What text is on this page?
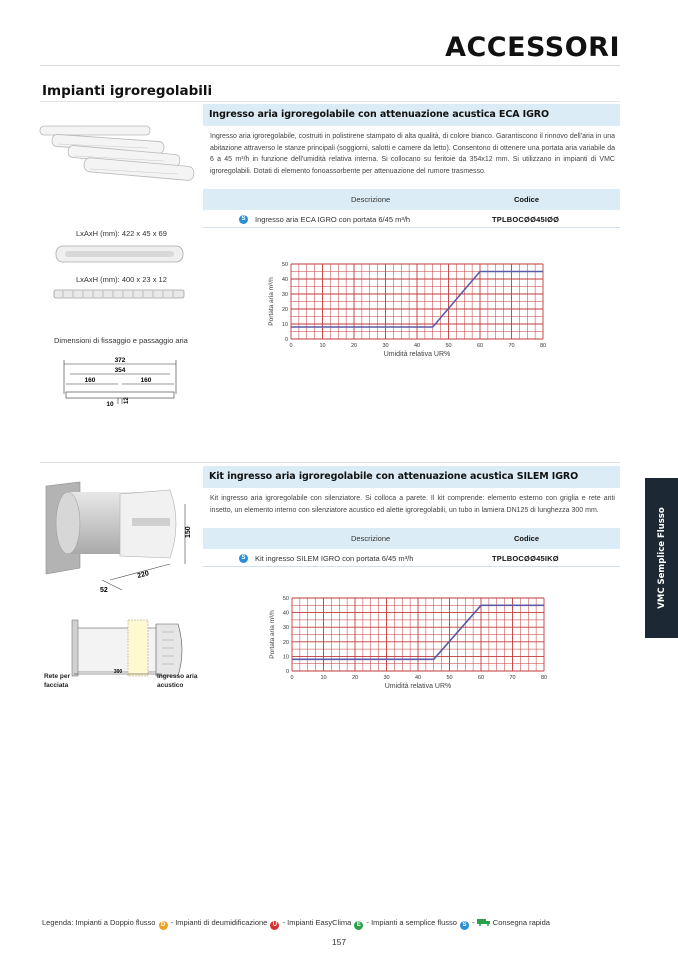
ACCESSORI
Impianti igroregolabili
LxAxH (mm): 422 x 45 x 69
LxAxH (mm): 400 x 23 x 12
Dimensioni di fissaggio e passaggio aria
372
354
160	160
10
12
Ingresso aria igroregolabile con attenuazione acustica ECA IGRO
Ingresso aria igroregolabile, costruiti in polistirene stampato di alta qualità, di colore bianco. Garantiscono il rinnovo dell'aria in una abitazione attraverso le stanze principali (soggiorni, salotti e camere da letto). Consentono di ottenere una portata aria variabile da 6 a 45 m³/h in funzione dell'umidità relativa interna. Si collocano su feritoie da 354x12 mm. Si utilizzano in impianti di VMC igroregolabili. Dotati di elemento fonoassorbente per attenuazione del rumore trasmesso.
Descrizione	Codice
S	Ingresso aria ECA IGRO con portata 6/45 m³/h	TPLBOCØØ45IØØ
0	10	20	30	40	50	60	70	80
0
10
20
30
40
50
Umidità relativa UR%
Portata aria m³/h
Kit ingresso aria igroregolabile con attenuazione acustica SILEM IGRO
Kit ingresso aria igroregolabile con silenziatore. Si colloca a parete. Il kit comprende: elemento esterno con griglia e rete anti insetto, un elemento interno con silenziatore acustico ed alette igroregolabili, un tubo in lamiera DN125 di lunghezza 300 mm.
Descrizione	Codice
S	Kit ingresso SILEM IGRO con portata 6/45 m³/h	TPLBOCØØ45IKØ
150
220
52
300
Rete per facciata
Ingresso aria acustico
0	10	20	30	40	50	60	70	80
0
10
20
30
40
50
Umidità relativa UR%
Portata aria m³/h
VMC Semplice Flusso
Legenda: Impianti a Doppio flusso D - Impianti di deumidificazione U - Impianti EasyClima E - Impianti a semplice flusso S -  Consegna rapida
157
